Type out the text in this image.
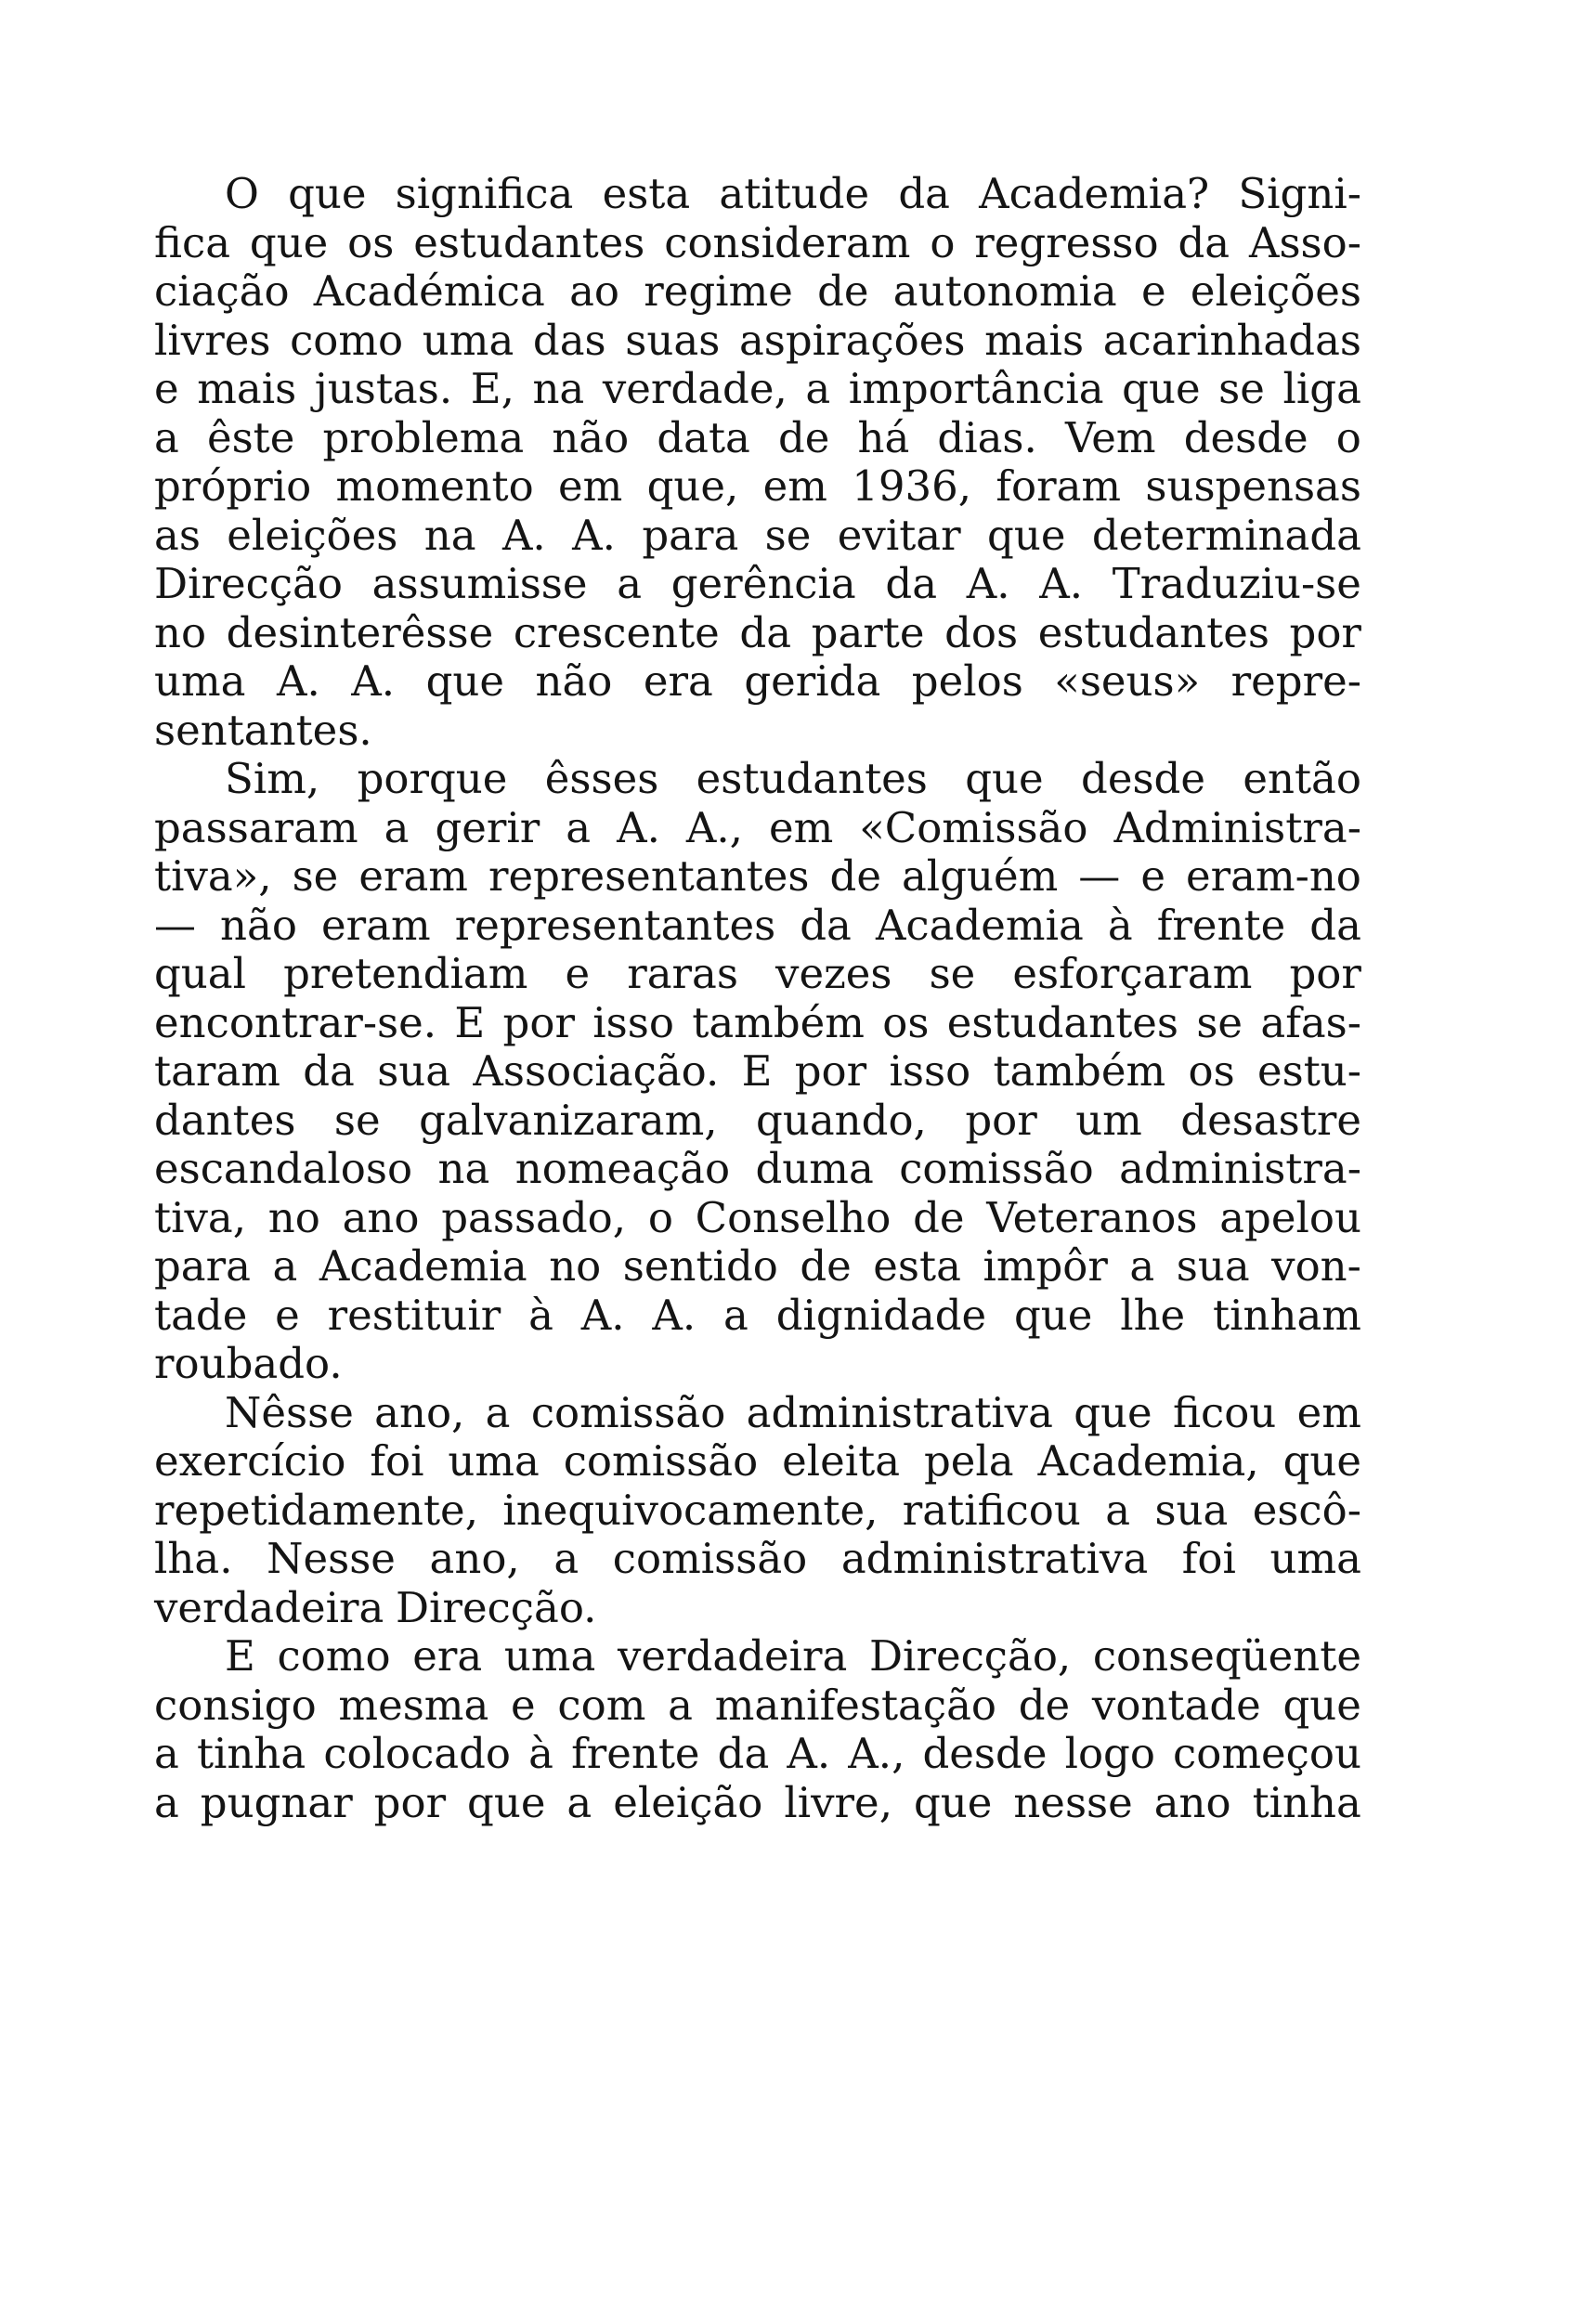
O que significa esta atitude da Academia? Signi-
fica que os estudantes consideram o regresso da Asso-
ciação Académica ao regime de autonomia e eleições
livres como uma das suas aspirações mais acarinhadas
e mais justas. E, na verdade, a importância que se liga
a êste problema não data de há dias. Vem desde o
próprio momento em que, em 1936, foram suspensas
as eleições na A. A. para se evitar que determinada
Direcção assumisse a gerência da A. A. Traduziu-se
no desinterêsse crescente da parte dos estudantes por
uma A. A. que não era gerida pelos «seus» repre-
sentantes.
Sim, porque êsses estudantes que desde então
passaram a gerir a A. A., em «Comissão Administra-
tiva», se eram representantes de alguém — e eram-no
— não eram representantes da Academia à frente da
qual pretendiam e raras vezes se esforçaram por
encontrar-se. E por isso também os estudantes se afas-
taram da sua Associação. E por isso também os estu-
dantes se galvanizaram, quando, por um desastre
escandaloso na nomeação duma comissão administra-
tiva, no ano passado, o Conselho de Veteranos apelou
para a Academia no sentido de esta impôr a sua von-
tade e restituir à A. A. a dignidade que lhe tinham
roubado.
Nêsse ano, a comissão administrativa que ficou em
exercício foi uma comissão eleita pela Academia, que
repetidamente, inequivocamente, ratificou a sua escô-
lha. Nesse ano, a comissão administrativa foi uma
verdadeira Direcção.
E como era uma verdadeira Direcção, conseqüente
consigo mesma e com a manifestação de vontade que
a tinha colocado à frente da A. A., desde logo começou
a pugnar por que a eleição livre, que nesse ano tinha
